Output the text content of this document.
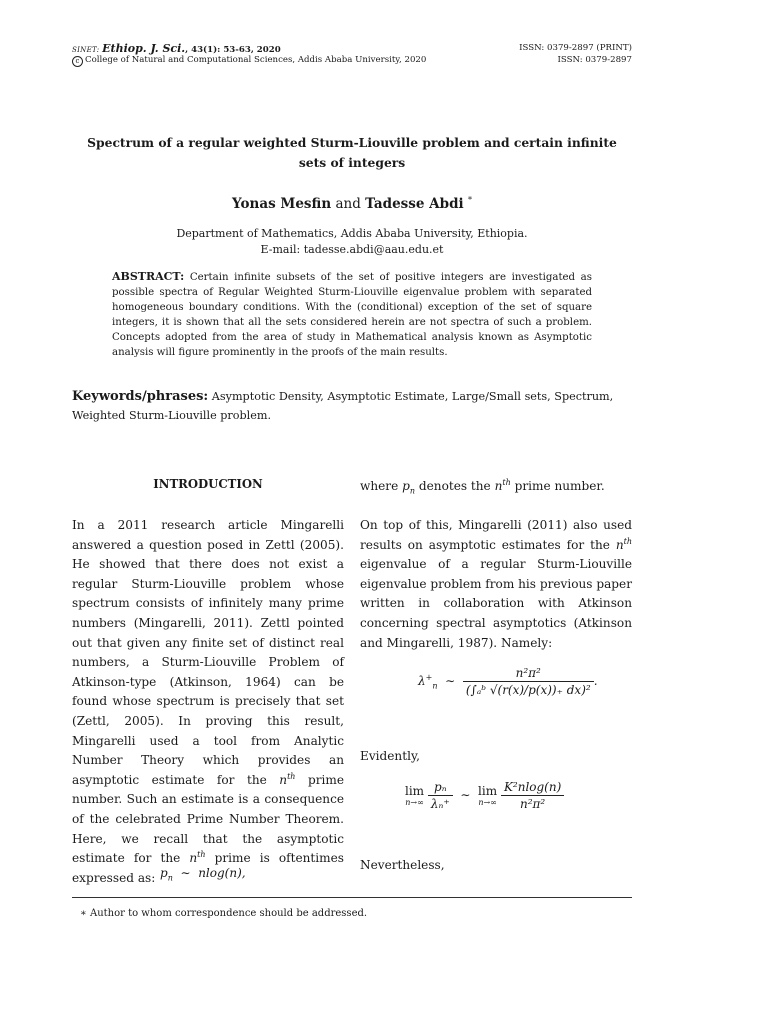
SINET: Ethiop. J. Sci., 43(1): 53-63, 2020	ISSN: 0379-2897 (PRINT)
c College of Natural and Computational Sciences, Addis Ababa University, 2020	ISSN: 0379-2897
Spectrum of a regular weighted Sturm-Liouville problem and certain infinite sets of integers
Yonas Mesfin and Tadesse Abdi *
Department of Mathematics, Addis Ababa University, Ethiopia.
E-mail: tadesse.abdi@aau.edu.et
ABSTRACT: Certain infinite subsets of the set of positive integers are investigated as possible spectra of Regular Weighted Sturm-Liouville eigenvalue problem with separated homogeneous boundary conditions. With the (conditional) exception of the set of square integers, it is shown that all the sets considered herein are not spectra of such a problem. Concepts adopted from the area of study in Mathematical analysis known as Asymptotic analysis will figure prominently in the proofs of the main results.
Keywords/phrases: Asymptotic Density, Asymptotic Estimate, Large/Small sets, Spectrum, Weighted Sturm-Liouville problem.
INTRODUCTION
In a 2011 research article Mingarelli answered a question posed in Zettl (2005). He showed that there does not exist a regular Sturm-Liouville problem whose spectrum consists of infinitely many prime numbers (Mingarelli, 2011). Zettl pointed out that given any finite set of distinct real numbers, a Sturm-Liouville Problem of Atkinson-type (Atkinson, 1964) can be found whose spectrum is precisely that set (Zettl, 2005). In proving this result, Mingarelli used a tool from Analytic Number Theory which provides an asymptotic estimate for the $n^{th}$ prime number. Such an estimate is a consequence of the celebrated Prime Number Theorem. Here, we recall that the asymptotic estimate for the $n^{th}$ prime is oftentimes expressed as: $p_n$ ∼ nlog(n),
where $p_n$ denotes the $n^{th}$ prime number.
On top of this, Mingarelli (2011) also used results on asymptotic estimates for the $n^{th}$ eigenvalue of a regular Sturm-Liouville eigenvalue problem from his previous paper written in collaboration with Atkinson concerning spectral asymptotics (Atkinson and Mingarelli, 1987). Namely:
$\lambda^+_n$ ∼ $\frac{\text{n²π²}}{\text{(∫ₐᵇ √(r(x)/p(x))₊ dx)²}}$ .
Evidently,
lim
n→∞
$\frac{\text{pₙ}}{\text{λₙ⁺}}$ ∼ lim
n→∞
$\frac{\text{K²nlog(n)}}{\text{n²π²}}$
Nevertheless,
∗ Author to whom correspondence should be addressed.
